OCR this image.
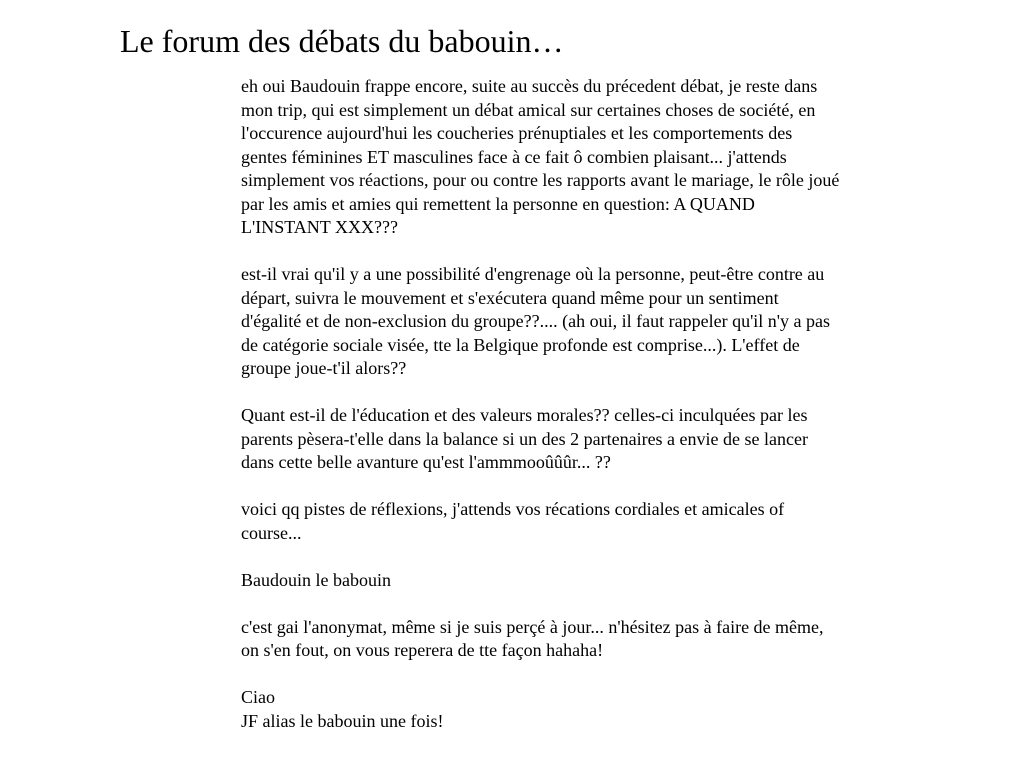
Le forum des débats du babouin…

eh oui Baudouin frappe encore, suite au succès du précedent débat, je reste dans mon trip, qui est simplement un débat amical sur certaines choses de société, en l'occurence aujourd'hui les coucheries prénuptiales et les comportements des gentes féminines ET masculines face à ce fait ô combien plaisant... j'attends simplement vos réactions, pour ou contre les rapports avant le mariage, le rôle joué par les amis et amies qui remettent la personne en question: A QUAND L'INSTANT XXX???

est-il vrai qu'il y a une possibilité d'engrenage où la personne, peut-être contre au départ, suivra le mouvement et s'exécutera quand même pour un sentiment d'égalité et de non-exclusion du groupe??.... (ah oui, il faut rappeler qu'il n'y a pas de catégorie sociale visée, tte la Belgique profonde est comprise...). L'effet de groupe joue-t'il alors??

Quant est-il de l'éducation et des valeurs morales?? celles-ci inculquées par les parents pèsera-t'elle dans la balance si un des 2 partenaires a envie de se lancer dans cette belle avanture qu'est l'ammmooûûûr... ??

voici qq pistes de réflexions, j'attends vos récations cordiales et amicales of course...

Baudouin le babouin

c'est gai l'anonymat, même si je suis perçé à jour... n'hésitez pas à faire de même, on s'en fout, on vous reperera de tte façon hahaha!

Ciao
JF alias le babouin une fois!
